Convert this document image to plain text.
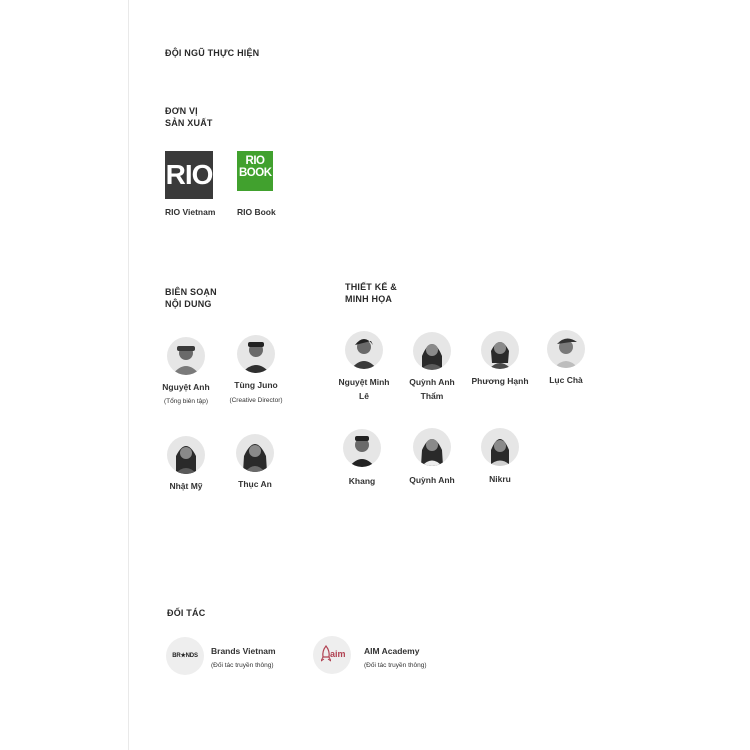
ĐỘI NGŨ THỰC HIỆN
ĐƠN VỊ
SẢN XUẤT
RIO
RIO Vietnam
RIO
BOOK
RIO Book
BIÊN SOẠN
NỘI DUNG
Nguyệt Anh
(Tổng biên tập)
Tùng Juno
(Creative Director)
Nhật Mỹ	Thục An
THIẾT KẾ &
MINH HỌA
Nguyệt Minh
Lê
Quỳnh Anh
Thẩm
Phương Hạnh	Lục Chà
Khang	Quỳnh Anh	Nikru
ĐỐI TÁC
BR★NDS Brands Vietnam
(Đối tác truyền thông)
aim AIM Academy
(Đối tác truyền thông)
